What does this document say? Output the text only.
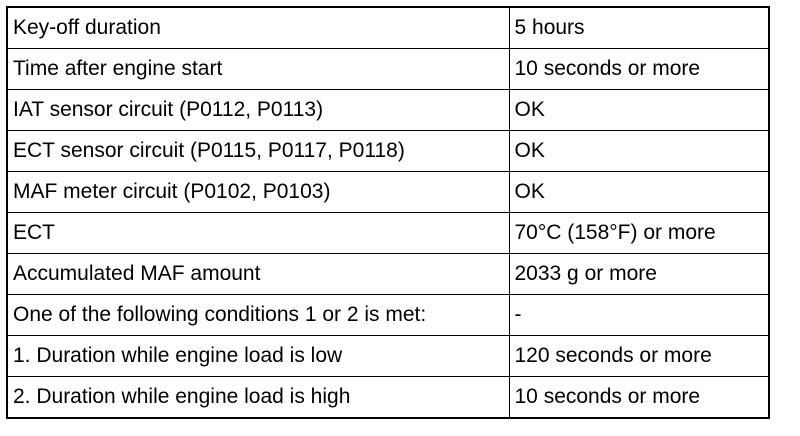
Key-off duration	5 hours
Time after engine start	10 seconds or more
IAT sensor circuit (P0112, P0113)	OK
ECT sensor circuit (P0115, P0117, P0118)	OK
MAF meter circuit (P0102, P0103)	OK
ECT	70°C (158°F) or more
Accumulated MAF amount	2033 g or more
One of the following conditions 1 or 2 is met:	-
1. Duration while engine load is low	120 seconds or more
2. Duration while engine load is high	10 seconds or more
